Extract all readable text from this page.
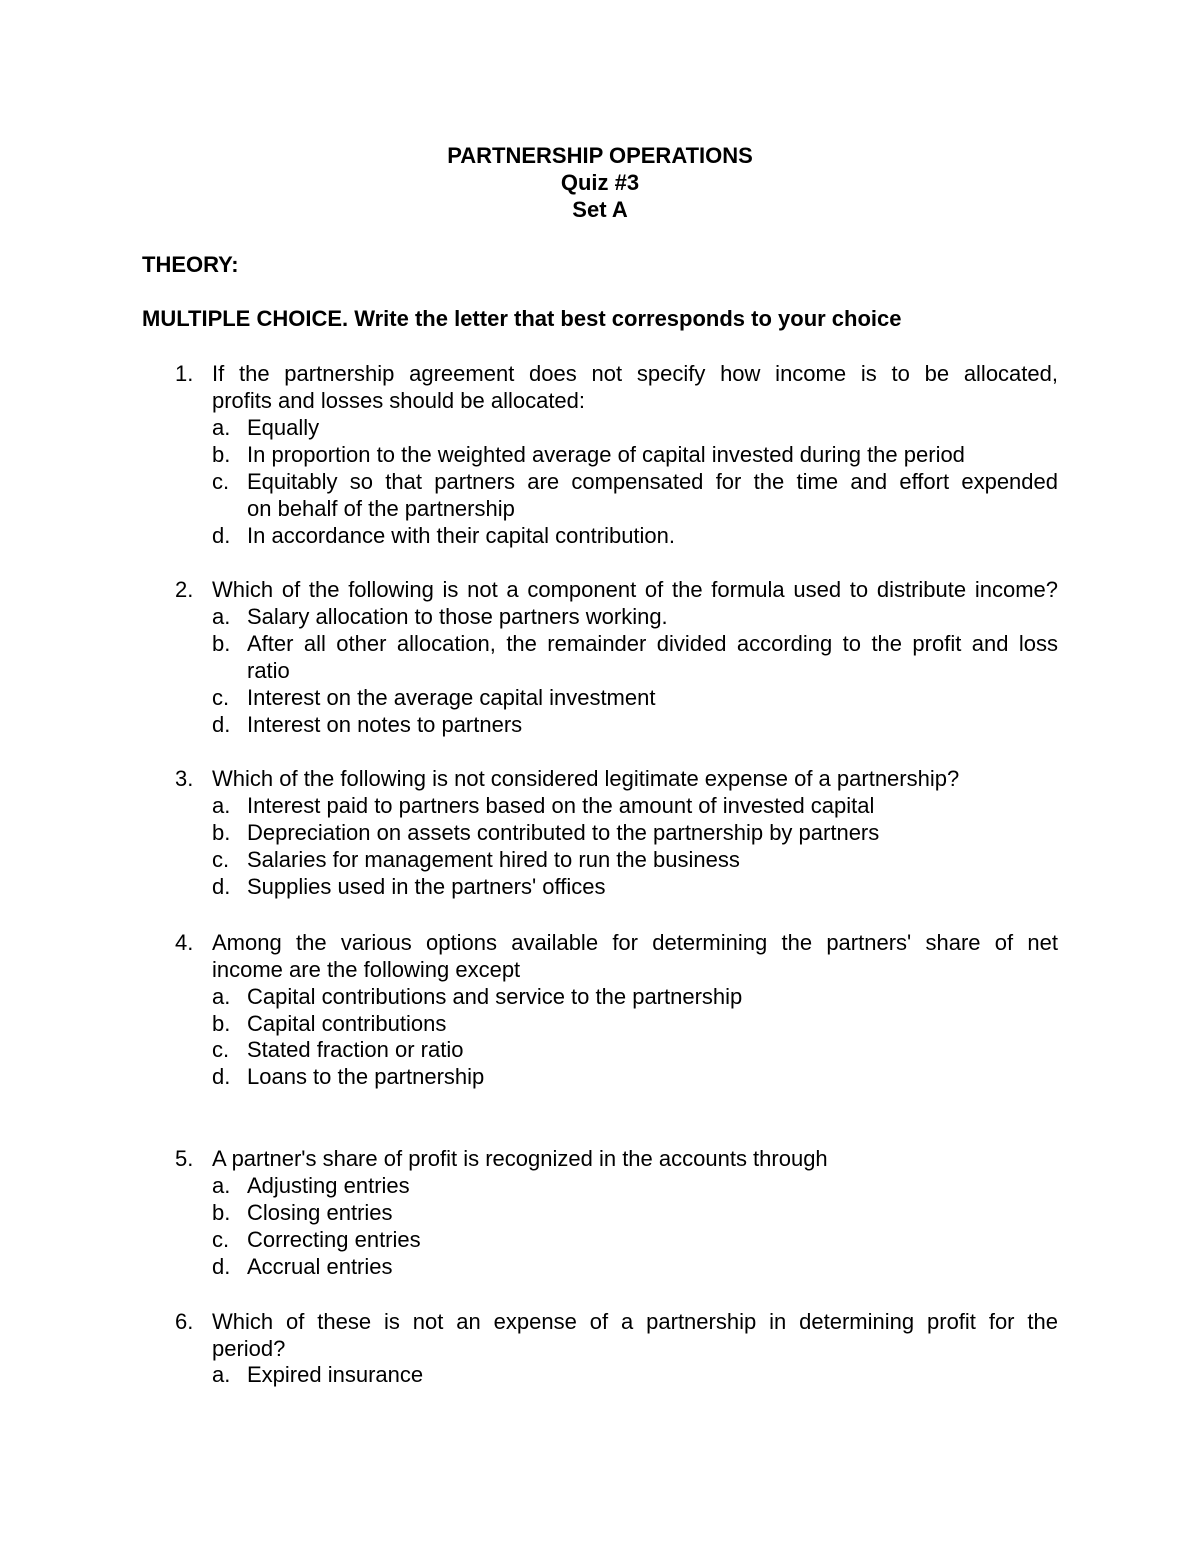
PARTNERSHIP OPERATIONS
Quiz #3
Set A
THEORY:
MULTIPLE CHOICE. Write the letter that best corresponds to your choice
1. If the partnership agreement does not specify how income is to be allocated,
profits and losses should be allocated:
a. Equally
b. In proportion to the weighted average of capital invested during the period
c. Equitably so that partners are compensated for the time and effort expended
on behalf of the partnership
d. In accordance with their capital contribution.
2. Which of the following is not a component of the formula used to distribute income?
a. Salary allocation to those partners working.
b. After all other allocation, the remainder divided according to the profit and loss
ratio
c. Interest on the average capital investment
d. Interest on notes to partners
3. Which of the following is not considered legitimate expense of a partnership?
a. Interest paid to partners based on the amount of invested capital
b. Depreciation on assets contributed to the partnership by partners
c. Salaries for management hired to run the business
d. Supplies used in the partners' offices
4. Among the various options available for determining the partners' share of net
income are the following except
a. Capital contributions and service to the partnership
b. Capital contributions
c. Stated fraction or ratio
d. Loans to the partnership
5. A partner's share of profit is recognized in the accounts through
a. Adjusting entries
b. Closing entries
c. Correcting entries
d. Accrual entries
6. Which of these is not an expense of a partnership in determining profit for the
period?
a. Expired insurance
